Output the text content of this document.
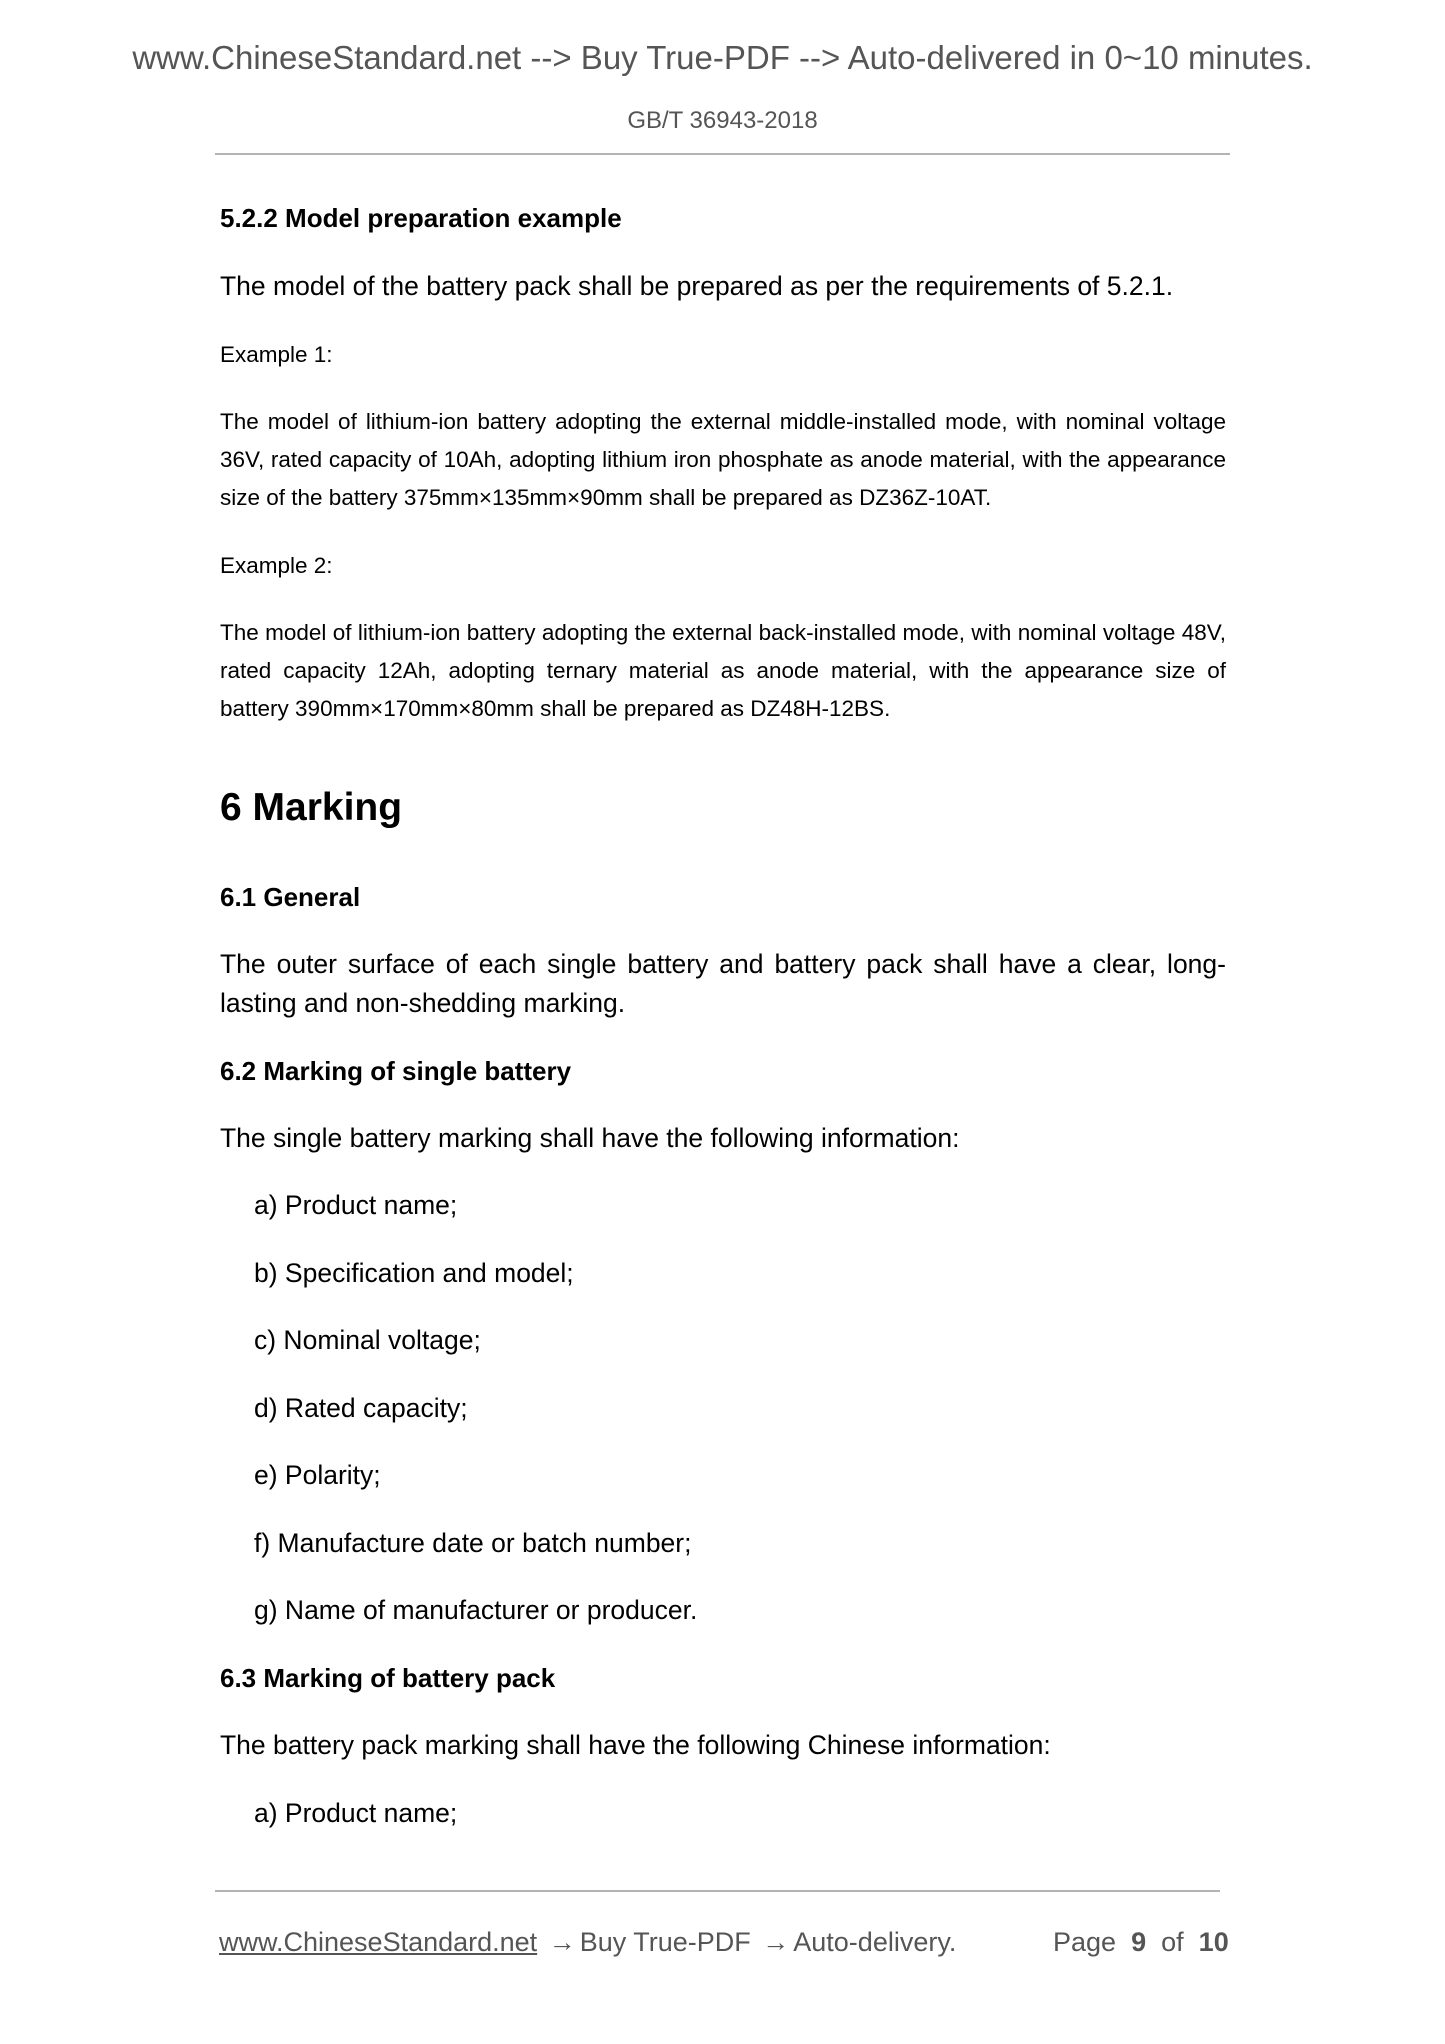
www.ChineseStandard.net --> Buy True-PDF --> Auto-delivered in 0~10 minutes.
GB/T 36943-2018
5.2.2 Model preparation example
The model of the battery pack shall be prepared as per the requirements of 5.2.1.
Example 1:
The model of lithium-ion battery adopting the external middle-installed mode, with nominal voltage 36V, rated capacity of 10Ah, adopting lithium iron phosphate as anode material, with the appearance size of the battery 375mm×135mm×90mm shall be prepared as DZ36Z-10AT.
Example 2:
The model of lithium-ion battery adopting the external back-installed mode, with nominal voltage 48V, rated capacity 12Ah, adopting ternary material as anode material, with the appearance size of battery 390mm×170mm×80mm shall be prepared as DZ48H-12BS.
6 Marking
6.1 General
The outer surface of each single battery and battery pack shall have a clear, long-lasting and non-shedding marking.
6.2 Marking of single battery
The single battery marking shall have the following information:
a) Product name;
b) Specification and model;
c) Nominal voltage;
d) Rated capacity;
e) Polarity;
f) Manufacture date or batch number;
g) Name of manufacturer or producer.
6.3 Marking of battery pack
The battery pack marking shall have the following Chinese information:
a) Product name;
www.ChineseStandard.net → Buy True-PDF → Auto-delivery.	Page 9 of 10
